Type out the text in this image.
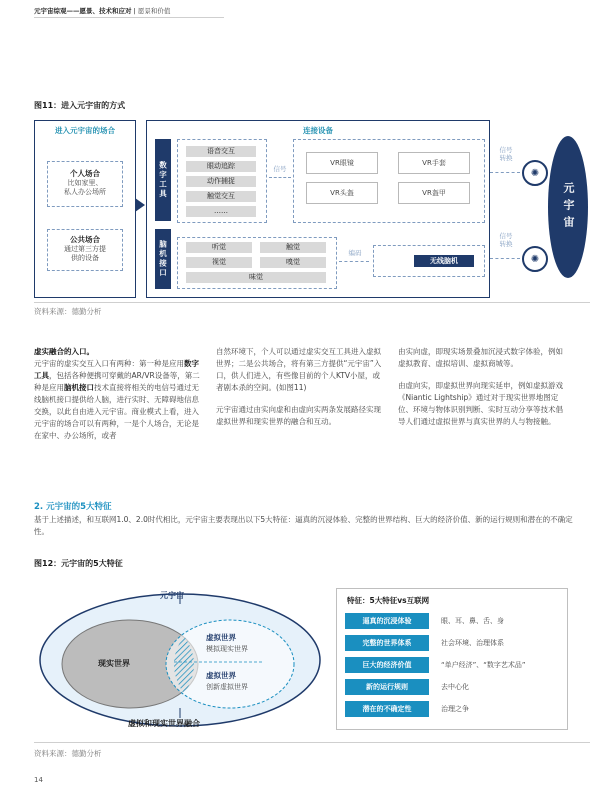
元宇宙综观——愿景、技术和应对 | 愿景和价值
图11：进入元宇宙的方式
进入元宇宙的场合
个人场合
比如家里、
私人办公场所
公共场合
通过第三方提
供的设备
连接设备
数字工具
语音交互
眼动追踪
动作捕捉
触觉交互
……
信号
VR眼镜	VR手套
VR头盔	VR盔甲
脑机接口	听觉	触觉
视觉	嗅觉
味觉
编码
无线脑机
信号
转换
信号
转换
✺
✺
元宇宙
资料来源：德勤分析
虚实融合的入口。
元宇宙的虚实交互入口有两种：第一种是应用数字工具，包括各种便携可穿戴的AR/VR设备等，第二种是应用脑机接口技术直接将相关的电信号通过无线脑机接口提供给人脑，进行实时、无障碍地信息交换，以此自由进入元宇宙。商业模式上看，进入元宇宙的场合可以有两种，一是个人场合，无论是在家中、办公场所，或者
自然环境下，个人可以通过虚实交互工具进入虚拟世界；二是公共场合，将有第三方提供“元宇宙”入口，供人们进入，有些像目前的个人KTV小屋，或者剧本杀的空间。(如图11)
元宇宙通过由实向虚和由虚向实两条发展路径实现虚拟世界和现实世界的融合和互动。
由实向虚，即现实场景叠加沉浸式数字体验，例如虚拟教育、虚拟培训、虚拟商城等。
由虚向实，即虚拟世界向现实延申，例如虚拟游戏《Niantic Lightship》通过对于现实世界地图定位、环境与物体识别判断、实时互动分享等技术倡导人们通过虚拟世界与真实世界的人与物接触。
2. 元宇宙的5大特征
基于上述描述，和互联网1.0、2.0时代相比，元宇宙主要表现出以下5大特征：逼真的沉浸体验、完整的世界结构、巨大的经济价值、新的运行规则和潜在的不确定性。
图12：元宇宙的5大特征
元宇宙
现实世界
虚拟世界
模拟现实世界
虚拟世界
创新虚拟世界
虚拟和现实世界融合
特征：5大特征vs互联网
逼真的沉浸体验	眼、耳、鼻、舌、身
完整的世界体系	社会环境、治理体系
巨大的经济价值	“单户经济”、“数字艺术品”
新的运行规则	去中心化
潜在的不确定性	治理之争
资料来源：德勤分析
14
